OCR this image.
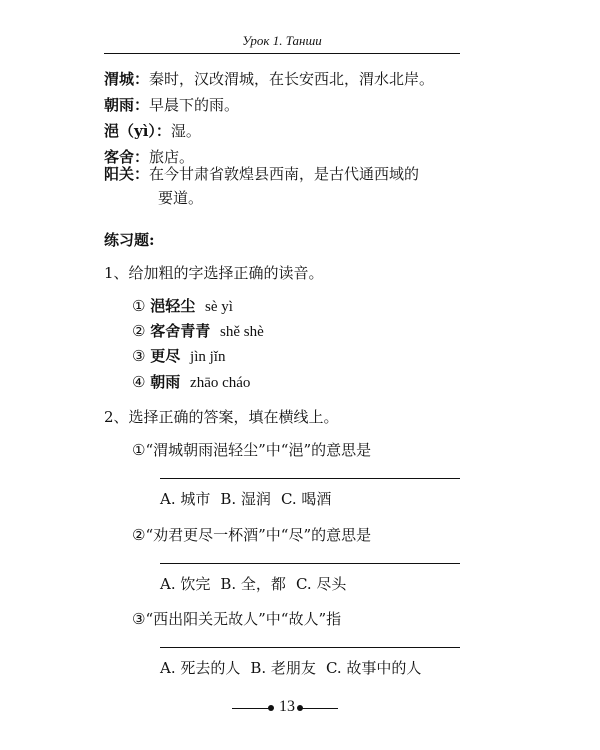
Урок 1. Танши
渭城：秦时，汉改渭城，在长安西北，渭水北岸。
朝雨：早晨下的雨。
浥（yì）：湿。
客舍：旅店。
阳关：在今甘肃省敦煌县西南，是古代通西域的
要道。
练习题:
1、给加粗的字选择正确的读音。
① 浥轻尘 sè yì
② 客舍青青 shě shè
③ 更尽 jìn jǐn
④ 朝雨 zhāo cháo
2、选择正确的答案，填在横线上。
①“渭城朝雨浥轻尘”中“浥”的意思是
A. 城市 B. 湿润 C. 喝酒
②“劝君更尽一杯酒”中“尽”的意思是
A. 饮完 B. 全，都 C. 尽头
③“西出阳关无故人”中“故人”指
A. 死去的人 B. 老朋友 C. 故事中的人
13
